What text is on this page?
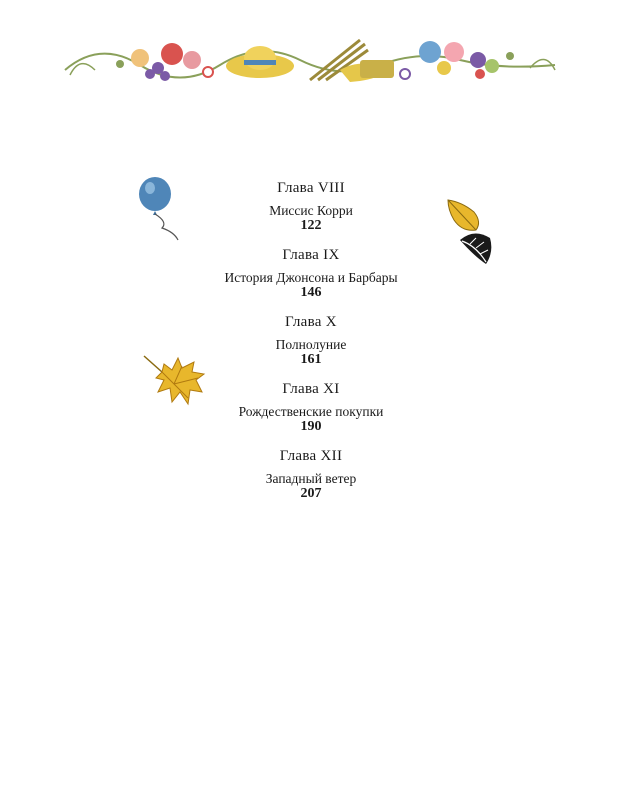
Глава VIII
Миссис Корри
122
Глава IX
История Джонсона и Барбары
146
Глава X
Полнолуние
161
Глава XI
Рождественские покупки
190
Глава XII
Западный ветер
207
